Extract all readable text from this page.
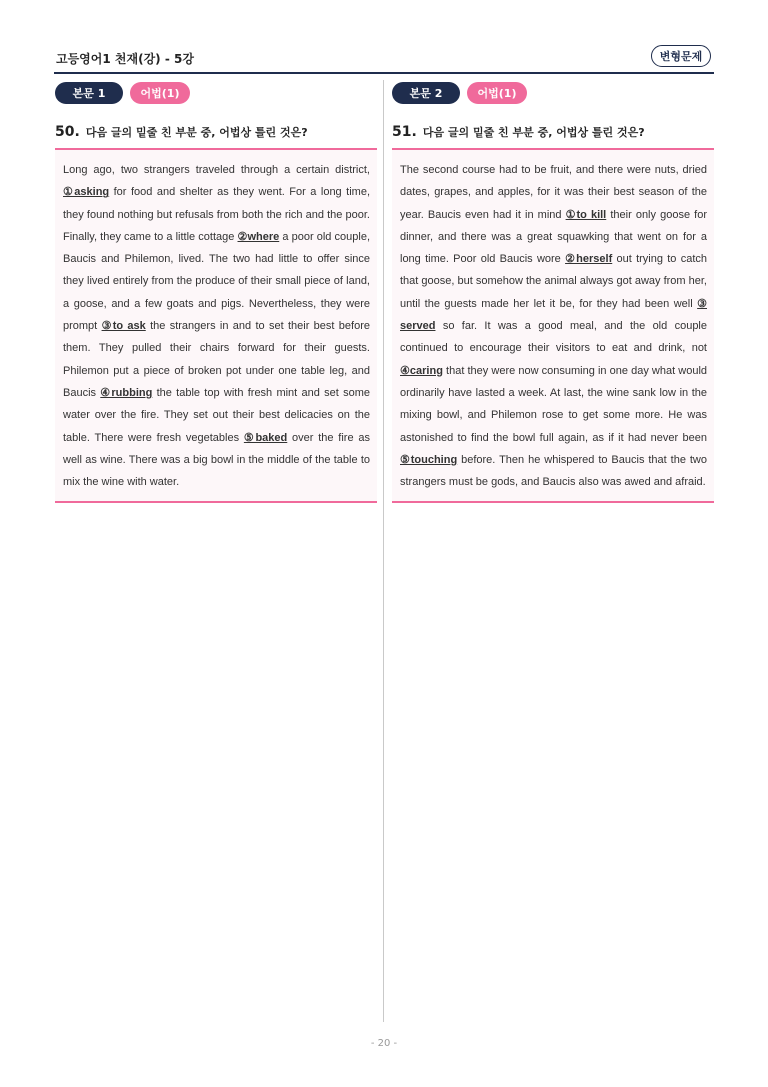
고등영어1 천재(강) - 5강	변형문제
본문 1	어법(1)
50. 다음 글의 밑줄 친 부분 중, 어법상 틀린 것은?
Long ago, two strangers traveled through a certain district, ①asking for food and shelter as they went. For a long time, they found nothing but refusals from both the rich and the poor. Finally, they came to a little cottage ②where a poor old couple, Baucis and Philemon, lived. The two had little to offer since they lived entirely from the produce of their small piece of land, a goose, and a few goats and pigs. Nevertheless, they were prompt ③to ask the strangers in and to set their best before them. They pulled their chairs forward for their guests. Philemon put a piece of broken pot under one table leg, and Baucis ④rubbing the table top with fresh mint and set some water over the fire. They set out their best delicacies on the table. There were fresh vegetables ⑤baked over the fire as well as wine. There was a big bowl in the middle of the table to mix the wine with water.
본문 2	어법(1)
51. 다음 글의 밑줄 친 부분 중, 어법상 틀린 것은?
The second course had to be fruit, and there were nuts, dried dates, grapes, and apples, for it was their best season of the year. Baucis even had it in mind ①to kill their only goose for dinner, and there was a great squawking that went on for a long time. Poor old Baucis wore ②herself out trying to catch that goose, but somehow the animal always got away from her, until the guests made her let it be, for they had been well ③ served so far. It was a good meal, and the old couple continued to encourage their visitors to eat and drink, not ④caring that they were now consuming in one day what would ordinarily have lasted a week. At last, the wine sank low in the mixing bowl, and Philemon rose to get some more. He was astonished to find the bowl full again, as if it had never been ⑤touching before. Then he whispered to Baucis that the two strangers must be gods, and Baucis also was awed and afraid.
- 20 -
